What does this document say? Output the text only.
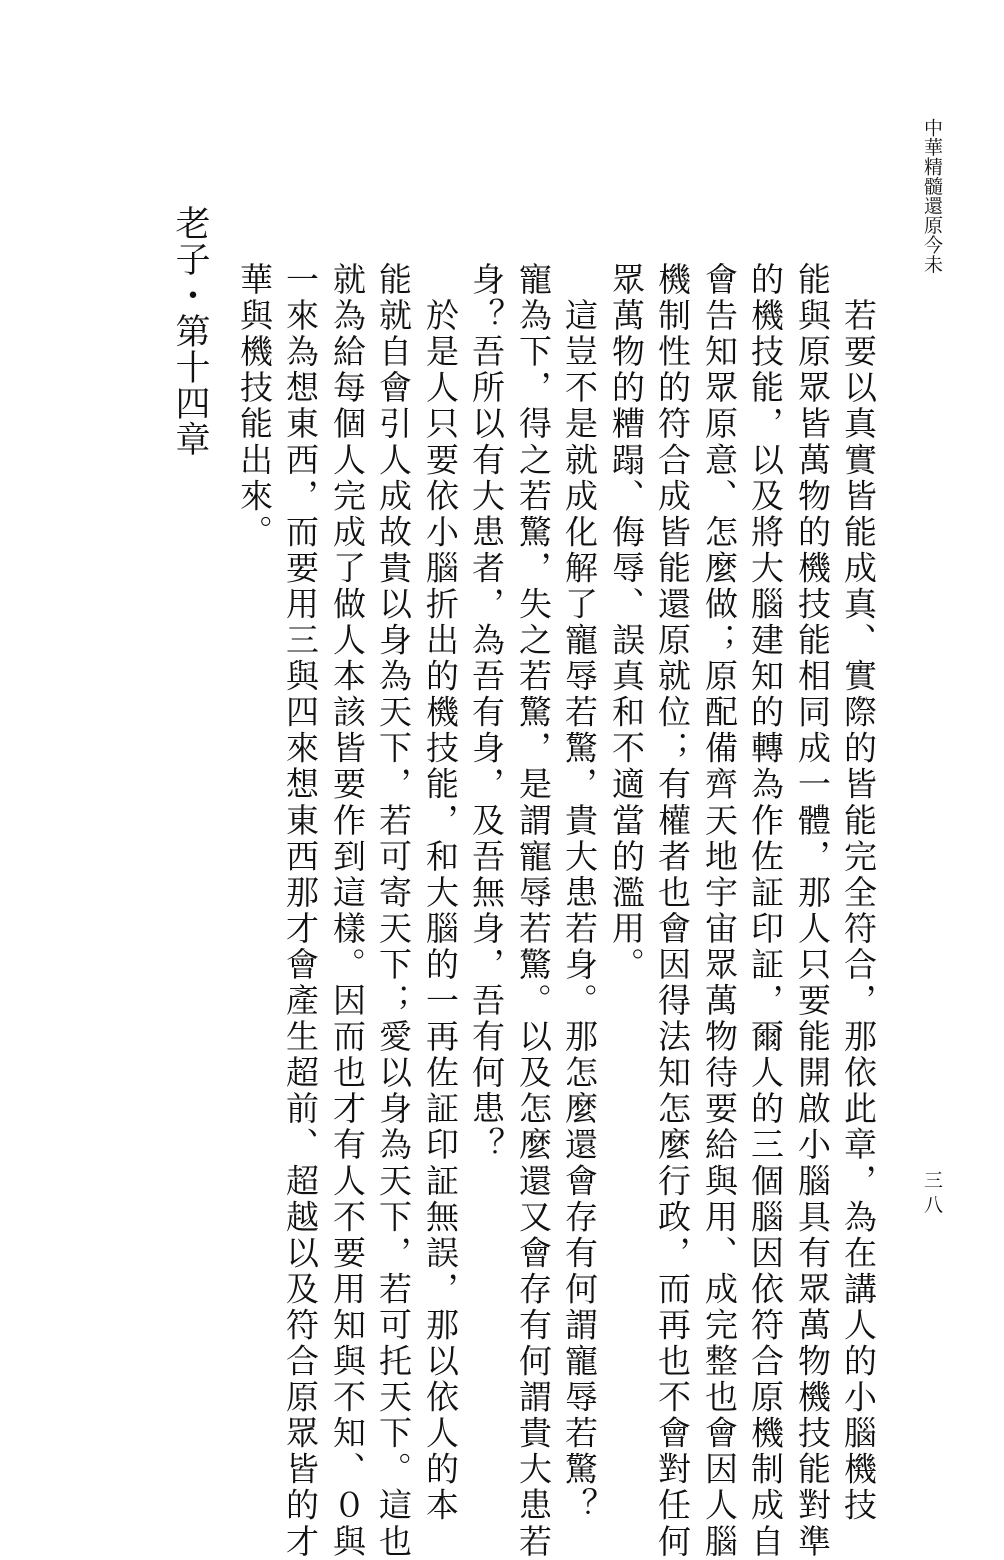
中華精髓還原今未
三八
　若要以真實皆能成真、實際的皆能完全符合，那依此章，為在講人的小腦機技
能與原眾皆萬物的機技能相同成一體，那人只要能開啟小腦具有眾萬物機技能對準
的機技能，以及將大腦建知的轉為作佐証印証，爾人的三個腦因依符合原機制成自
會告知眾原意、怎麼做；原配備齊天地宇宙眾萬物待要給與用、成完整也會因人腦
機制性的符合成皆能還原就位；有權者也會因得法知怎麼行政，而再也不會對任何
眾萬物的糟蹋、侮辱、誤真和不適當的濫用。
　這豈不是就成化解了寵辱若驚，貴大患若身。那怎麼還會存有何謂寵辱若驚？
寵為下，得之若驚，失之若驚，是謂寵辱若驚。以及怎麼還又會存有何謂貴大患若
身？吾所以有大患者，為吾有身，及吾無身，吾有何患？
　於是人只要依小腦折出的機技能，和大腦的一再佐証印証無誤，那以依人的本
能就自會引人成故貴以身為天下，若可寄天下；愛以身為天下，若可托天下。這也
就為給每個人完成了做人本該皆要作到這樣。因而也才有人不要用知與不知、０與
一來為想東西，而要用三與四來想東西那才會產生超前、超越以及符合原眾皆的才
華與機技能出來。
老子・第十四章
